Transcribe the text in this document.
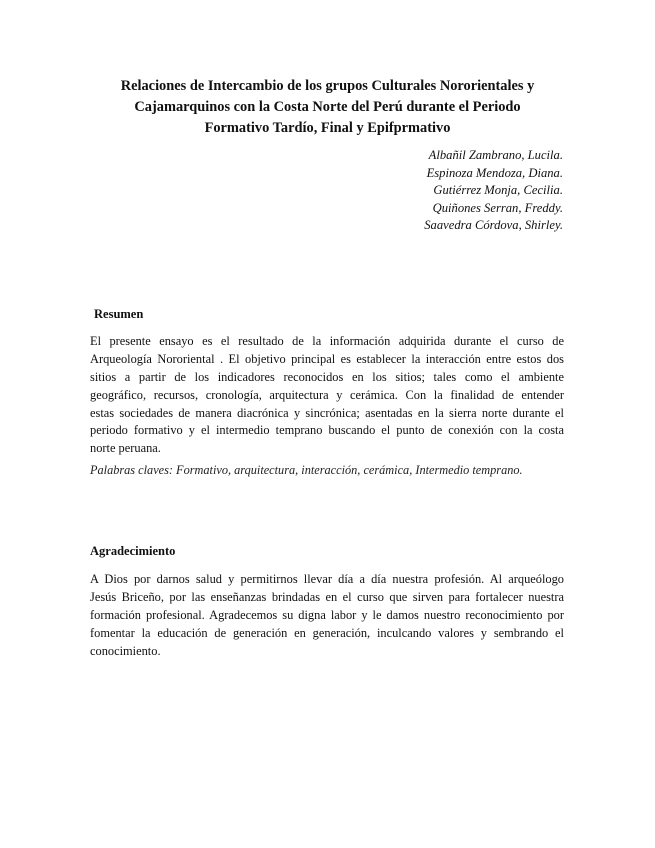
Relaciones de Intercambio de los grupos Culturales Nororientales y
Cajamarquinos con la Costa Norte del Perú durante el Periodo
Formativo Tardío, Final y Epifprmativo
Albañil Zambrano, Lucila.
Espinoza Mendoza, Diana.
Gutiérrez Monja, Cecilia.
Quiñones Serran, Freddy.
Saavedra Córdova, Shirley.
Resumen
El presente ensayo es el resultado de la información adquirida durante el curso de
Arqueología Nororiental . El objetivo principal es establecer la interacción entre estos dos
sitios a partir de los indicadores reconocidos en los sitios; tales como el ambiente
geográfico, recursos, cronología, arquitectura y cerámica. Con la finalidad de entender
estas sociedades de manera diacrónica y sincrónica; asentadas en la sierra norte durante el
periodo formativo y el intermedio temprano buscando el punto de conexión con la costa
norte peruana.
Palabras claves: Formativo, arquitectura, interacción, cerámica, Intermedio temprano.
Agradecimiento
A Dios por darnos salud y permitirnos llevar día a día nuestra profesión. Al arqueólogo
Jesús Briceño, por las enseñanzas brindadas en el curso que sirven para fortalecer nuestra
formación profesional. Agradecemos su digna labor y le damos nuestro reconocimiento por
fomentar la educación de generación en generación, inculcando valores y sembrando el
conocimiento.
